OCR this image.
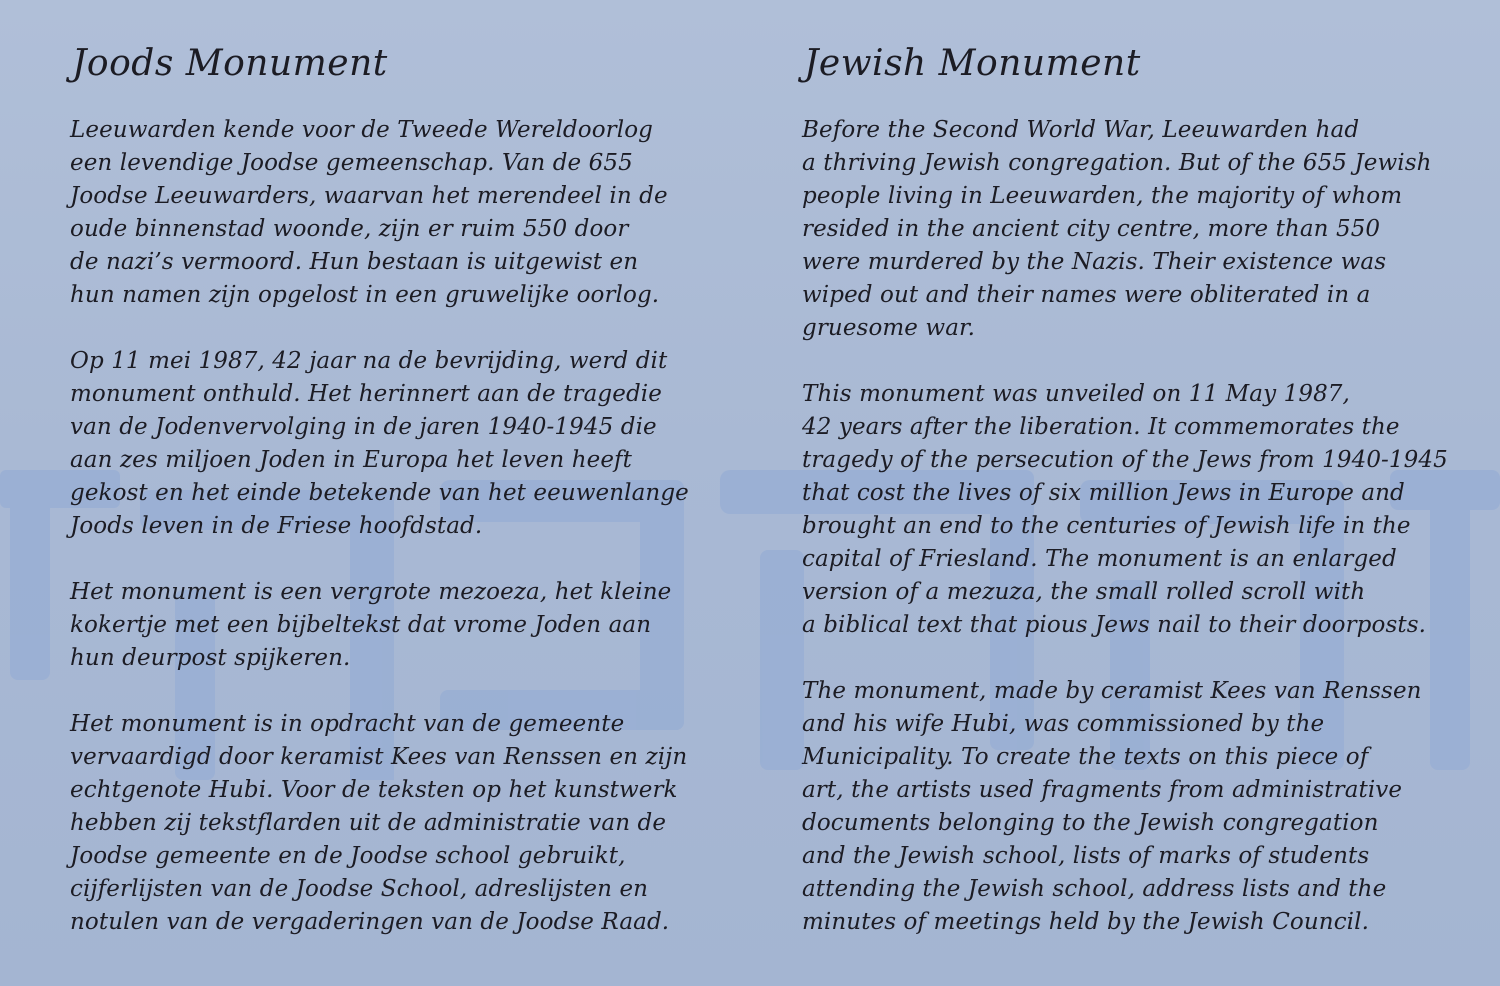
Joods Monument

Leeuwarden kende voor de Tweede Wereldoorlog
een levendige Joodse gemeenschap. Van de 655
Joodse Leeuwarders, waarvan het merendeel in de
oude binnenstad woonde, zijn er ruim 550 door
de nazi’s vermoord. Hun bestaan is uitgewist en
hun namen zijn opgelost in een gruwelijke oorlog.

Op 11 mei 1987, 42 jaar na de bevrijding, werd dit
monument onthuld. Het herinnert aan de tragedie
van de Jodenvervolging in de jaren 1940-1945 die
aan zes miljoen Joden in Europa het leven heeft
gekost en het einde betekende van het eeuwenlange
Joods leven in de Friese hoofdstad.

Het monument is een vergrote mezoeza, het kleine
kokertje met een bijbeltekst dat vrome Joden aan
hun deurpost spijkeren.

Het monument is in opdracht van de gemeente
vervaardigd door keramist Kees van Renssen en zijn
echtgenote Hubi. Voor de teksten op het kunstwerk
hebben zij tekstflarden uit de administratie van de
Joodse gemeente en de Joodse school gebruikt,
cijferlijsten van de Joodse School, adreslijsten en
notulen van de vergaderingen van de Joodse Raad.

Jewish Monument

Before the Second World War, Leeuwarden had
a thriving Jewish congregation. But of the 655 Jewish
people living in Leeuwarden, the majority of whom
resided in the ancient city centre, more than 550
were murdered by the Nazis. Their existence was
wiped out and their names were obliterated in a
gruesome war.

This monument was unveiled on 11 May 1987,
42 years after the liberation. It commemorates the
tragedy of the persecution of the Jews from 1940-1945
that cost the lives of six million Jews in Europe and
brought an end to the centuries of Jewish life in the
capital of Friesland. The monument is an enlarged
version of a mezuza, the small rolled scroll with
a biblical text that pious Jews nail to their doorposts.

The monument, made by ceramist Kees van Renssen
and his wife Hubi, was commissioned by the
Municipality. To create the texts on this piece of
art, the artists used fragments from administrative
documents belonging to the Jewish congregation
and the Jewish school, lists of marks of students
attending the Jewish school, address lists and the
minutes of meetings held by the Jewish Council.
